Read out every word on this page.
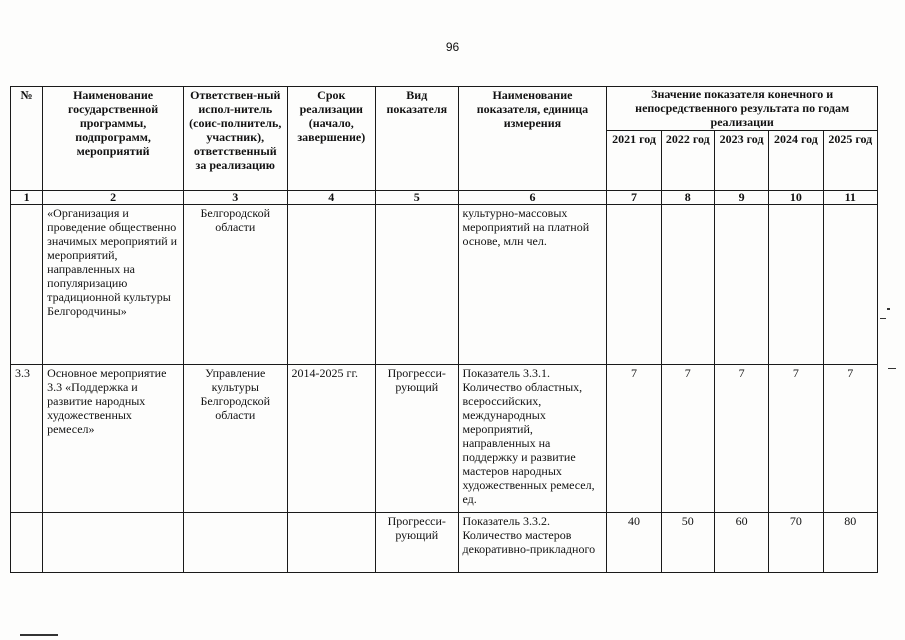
96
№	Наименование государственной программы, подпрограмм, мероприятий	Ответствен-ный испол-нитель (соис-полнитель, участник), ответственный за реализацию	Срок реализации (начало, завершение)	Вид показателя	Наименование показателя, единица измерения	Значение показателя конечного и непосредственного результата по годам реализации				
						2021 год	2022 год	2023 год	2024 год	2025 год
1	2	3	4	5	6	7	8	9	10	11
	«Организация и проведение общественно значимых мероприятий и мероприятий, направленных на популяризацию традиционной культуры Белгородчины»	Белгородской области			культурно-массовых мероприятий на платной основе, млн чел.					
3.3	Основное мероприятие 3.3 «Поддержка и развитие народных художественных ремесел»	Управление культуры Белгородской области	2014-2025 гг.	Прогресси-рующий	Показатель 3.3.1. Количество областных, всероссийских, международных мероприятий, направленных на поддержку и развитие мастеров народных художественных ремесел, ед.	7	7	7	7	7
				Прогресси-рующий	Показатель 3.3.2. Количество мастеров декоративно-прикладного	40	50	60	70	80
